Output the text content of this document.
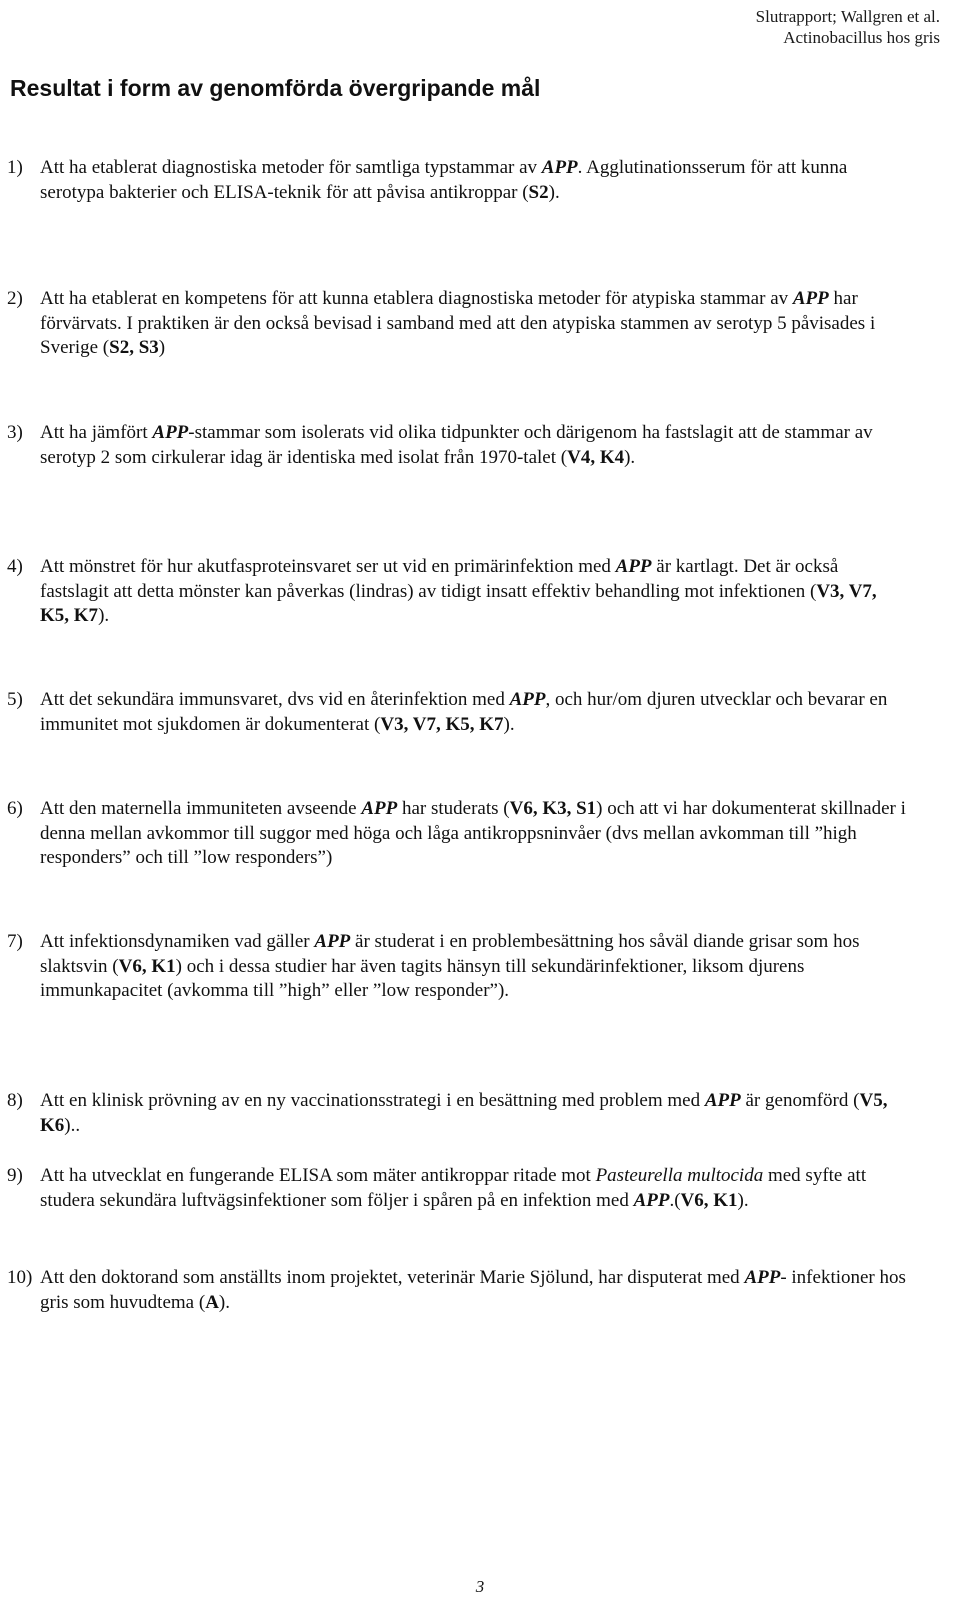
Slutrapport; Wallgren et al.
Actinobacillus hos gris
Resultat i form av genomförda övergripande mål
1) Att ha etablerat diagnostiska metoder för samtliga typstammar av APP. Agglutinationsserum för att kunna serotypa bakterier och ELISA-teknik för att påvisa antikroppar (S2).
2) Att ha etablerat en kompetens för att kunna etablera diagnostiska metoder för atypiska stammar av APP har förvärvats. I praktiken är den också bevisad i samband med att den atypiska stammen av serotyp 5 påvisades i Sverige (S2, S3)
3) Att ha jämfört APP-stammar som isolerats vid olika tidpunkter och därigenom ha fastslagit att de stammar av serotyp 2 som cirkulerar idag är identiska med isolat från 1970-talet (V4, K4).
4) Att mönstret för hur akutfasproteinsvaret ser ut vid en primärinfektion med APP är kartlagt. Det är också fastslagit att detta mönster kan påverkas (lindras) av tidigt insatt effektiv behandling mot infektionen (V3, V7, K5, K7).
5) Att det sekundära immunsvaret, dvs vid en återinfektion med APP, och hur/om djuren utvecklar och bevarar en immunitet mot sjukdomen är dokumenterat (V3, V7, K5, K7).
6) Att den maternella immuniteten avseende APP har studerats (V6, K3, S1) och att vi har dokumenterat skillnader i denna mellan avkommor till suggor med höga och låga antikroppsninvåer (dvs mellan avkomman till ”high responders” och till ”low responders”)
7) Att infektionsdynamiken vad gäller APP är studerat i en problembesättning hos såväl diande grisar som hos slaktsvin (V6, K1) och i dessa studier har även tagits hänsyn till sekundärinfektioner, liksom djurens immunkapacitet (avkomma till ”high” eller ”low responder”).
8) Att en klinisk prövning av en ny vaccinationsstrategi i en besättning med problem med APP är genomförd (V5, K6)..
9) Att ha utvecklat en fungerande ELISA som mäter antikroppar ritade mot Pasteurella multocida med syfte att studera sekundära luftvägsinfektioner som följer i spåren på en infektion med APP.(V6, K1).
10) Att den doktorand som anställts inom projektet, veterinär Marie Sjölund, har disputerat med APP- infektioner hos gris som huvudtema (A).
3
